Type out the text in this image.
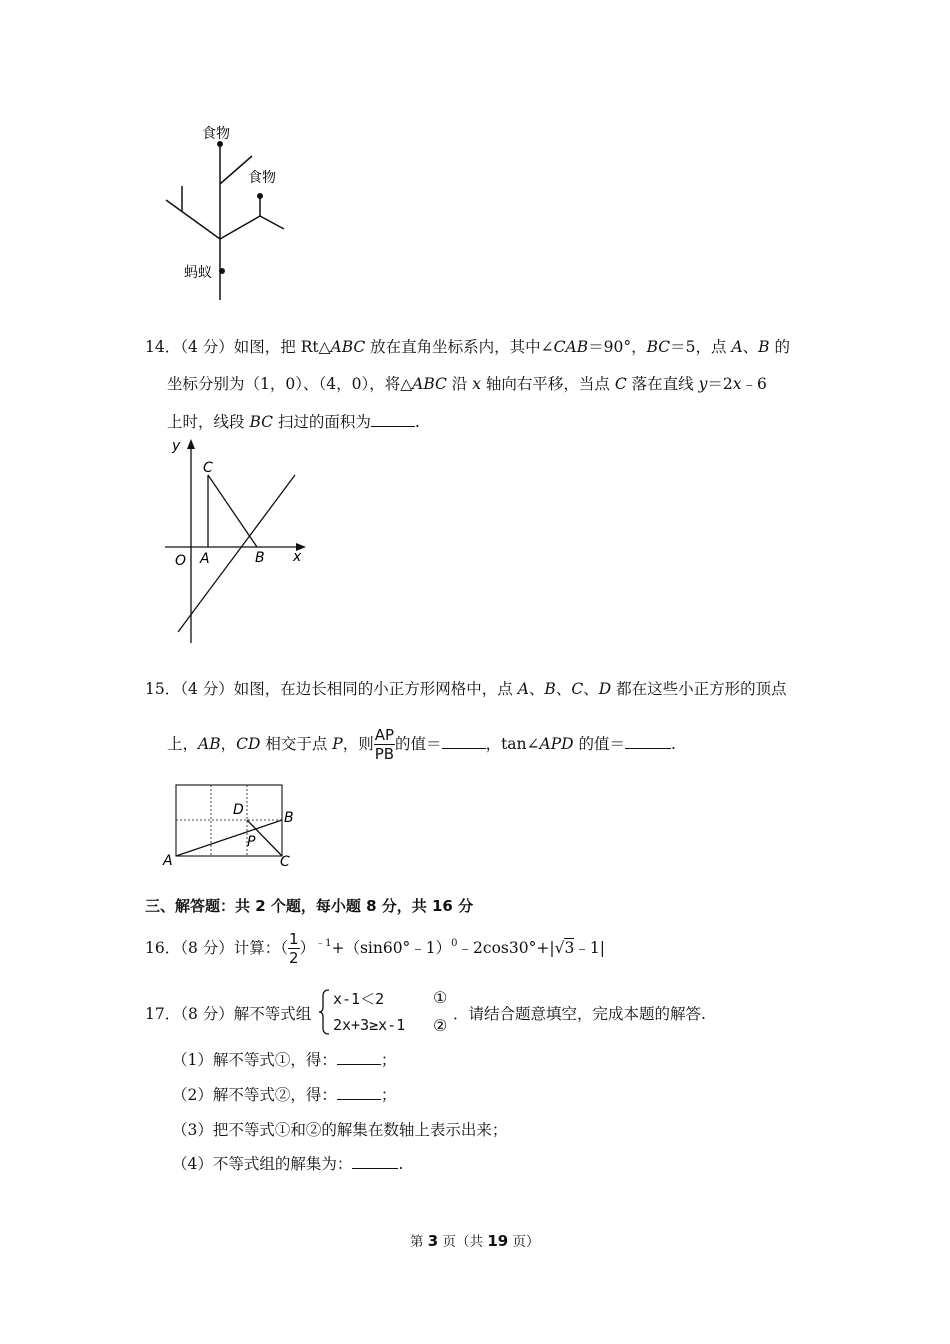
食物
食物
蚂蚁
14．（4 分）如图，把 Rt△ABC 放在直角坐标系内，其中∠CAB＝90°，BC＝5，点 A、B 的
坐标分别为（1，0）、（4，0），将△ABC 沿 x 轴向右平移，当点 C 落在直线 y＝2x﹣6
上时，线段 BC 扫过的面积为	.
y
x
C
O A	B
15．（4 分）如图，在边长相同的小正方形网格中，点 A、B、C、D 都在这些小正方形的顶点
上，AB，CD 相交于点 P，则 $\frac{AP}{PB}$ 的值＝	，tan∠APD 的值＝	.
A
B
C
D
P
三、解答题：共 2 个题，每小题 8 分，共 16 分
16．（8 分）计算：（ $\frac{1}{2}$ ）$^{﹣1}$+（sin60°﹣1）$^0$﹣2cos30°+|√3﹣1|
17．（8 分）解不等式组
x-1＜2
2x+3≥x-1
①
②
．请结合题意填空，完成本题的解答.
（1）解不等式①，得：	；
（2）解不等式②，得：	；
（3）把不等式①和②的解集在数轴上表示出来；
（4）不等式组的解集为：	.
第 3 页（共 19 页）
